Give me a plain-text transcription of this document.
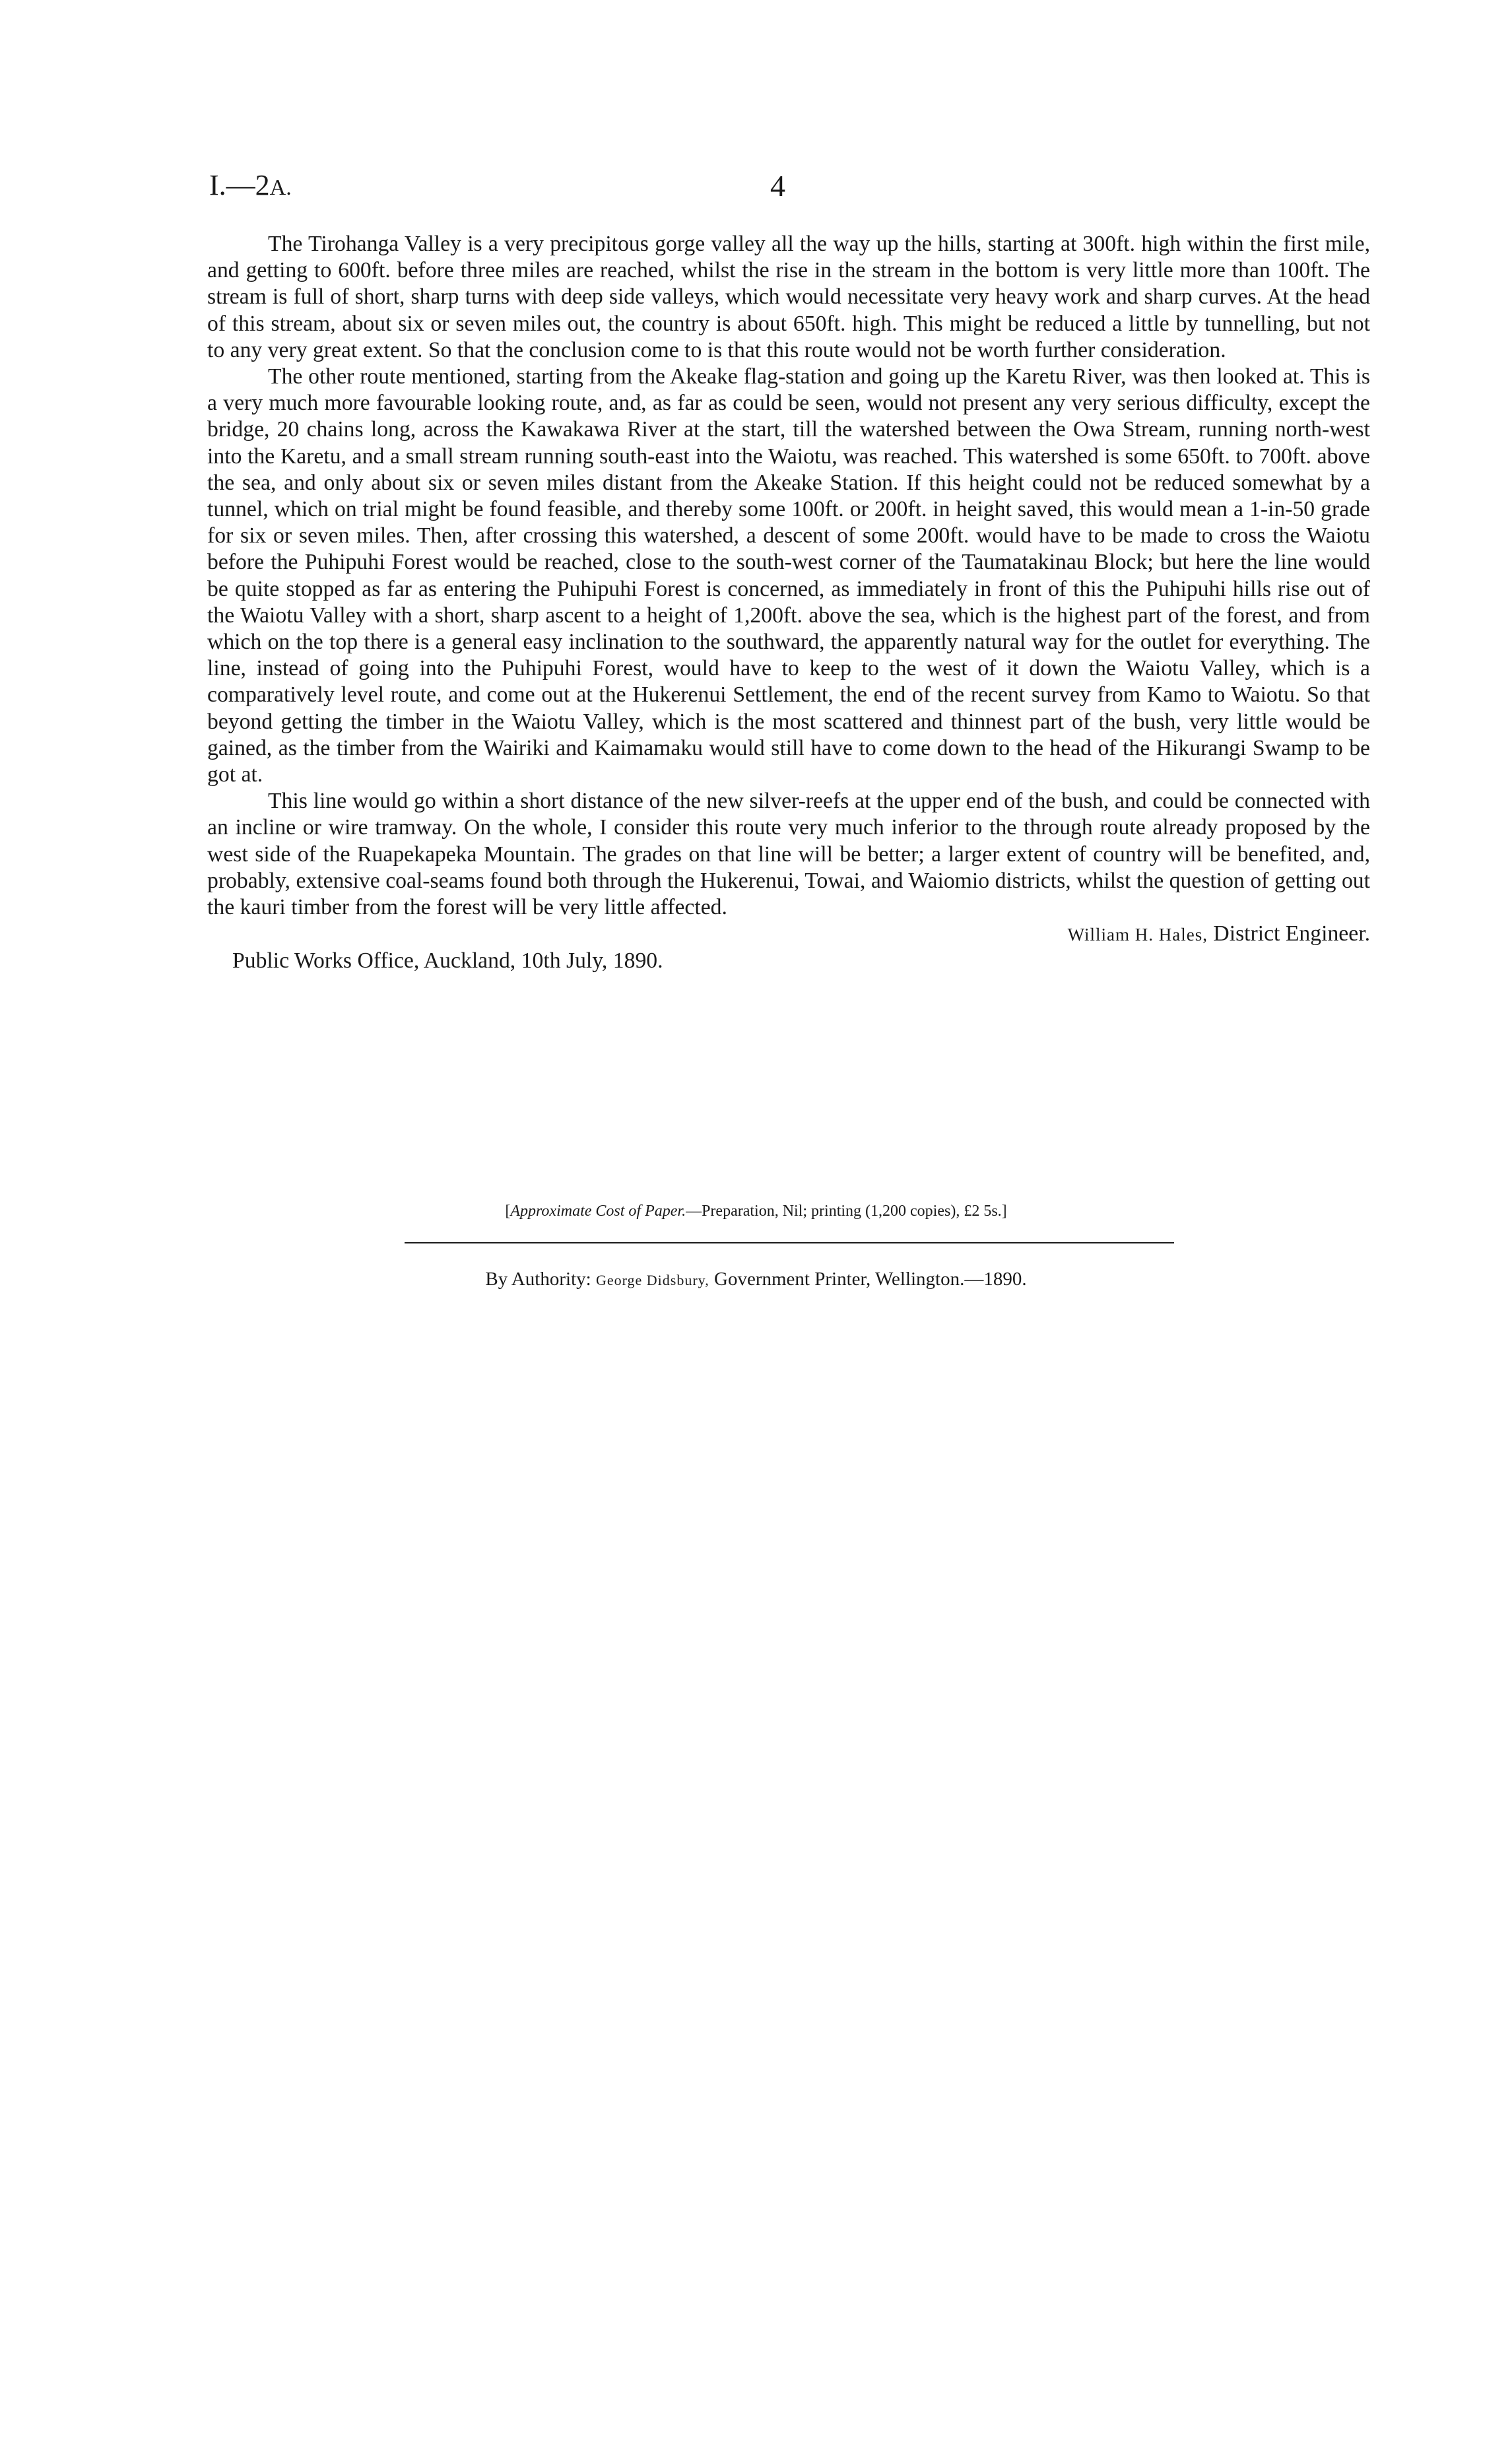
I.—2A.	4

The Tirohanga Valley is a very precipitous gorge valley all the way up the hills, starting at 300ft. high within the first mile, and getting to 600ft. before three miles are reached, whilst the rise in the stream in the bottom is very little more than 100ft. The stream is full of short, sharp turns with deep side valleys, which would necessitate very heavy work and sharp curves. At the head of this stream, about six or seven miles out, the country is about 650ft. high. This might be reduced a little by tunnelling, but not to any very great extent. So that the conclusion come to is that this route would not be worth further consideration.

The other route mentioned, starting from the Akeake flag-station and going up the Karetu River, was then looked at. This is a very much more favourable looking route, and, as far as could be seen, would not present any very serious difficulty, except the bridge, 20 chains long, across the Kawakawa River at the start, till the watershed between the Owa Stream, running north-west into the Karetu, and a small stream running south-east into the Waiotu, was reached. This watershed is some 650ft. to 700ft. above the sea, and only about six or seven miles distant from the Akeake Station. If this height could not be reduced somewhat by a tunnel, which on trial might be found feasible, and thereby some 100ft. or 200ft. in height saved, this would mean a 1-in-50 grade for six or seven miles. Then, after crossing this watershed, a descent of some 200ft. would have to be made to cross the Waiotu before the Puhipuhi Forest would be reached, close to the south-west corner of the Taumatakinau Block; but here the line would be quite stopped as far as entering the Puhipuhi Forest is concerned, as immediately in front of this the Puhipuhi hills rise out of the Waiotu Valley with a short, sharp ascent to a height of 1,200ft. above the sea, which is the highest part of the forest, and from which on the top there is a general easy inclination to the southward, the apparently natural way for the outlet for everything. The line, instead of going into the Puhipuhi Forest, would have to keep to the west of it down the Waiotu Valley, which is a comparatively level route, and come out at the Hukerenui Settlement, the end of the recent survey from Kamo to Waiotu. So that beyond getting the timber in the Waiotu Valley, which is the most scattered and thinnest part of the bush, very little would be gained, as the timber from the Wairiki and Kaimamaku would still have to come down to the head of the Hikurangi Swamp to be got at.

This line would go within a short distance of the new silver-reefs at the upper end of the bush, and could be connected with an incline or wire tramway. On the whole, I consider this route very much inferior to the through route already proposed by the west side of the Ruapekapeka Mountain. The grades on that line will be better; a larger extent of country will be benefited, and, probably, extensive coal-seams found both through the Hukerenui, Towai, and Waiomio districts, whilst the question of getting out the kauri timber from the forest will be very little affected.

William H. Hales, District Engineer.
Public Works Office, Auckland, 10th July, 1890.
[Approximate Cost of Paper.—Preparation, Nil; printing (1,200 copies), £2 5s.]
By Authority: George Didsbury, Government Printer, Wellington.—1890.
